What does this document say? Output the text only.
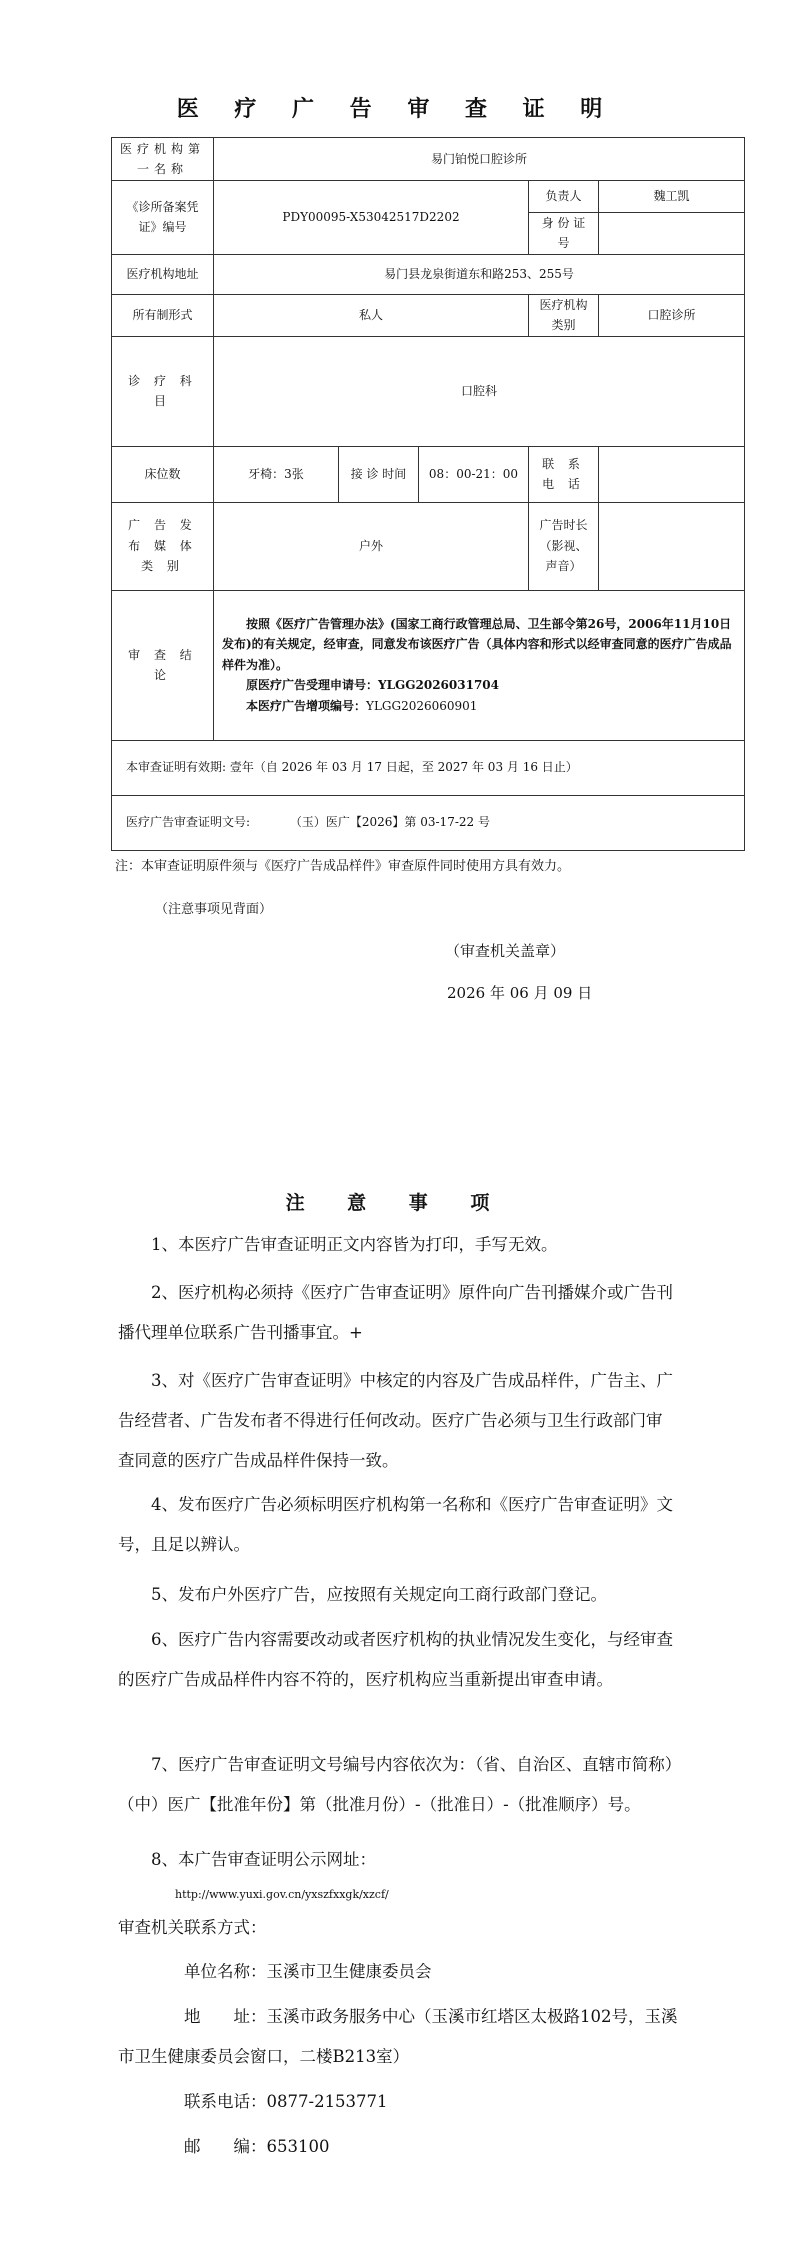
医 疗 广 告 审 查 证 明
医疗机构第一名称	易门铂悦口腔诊所				
《诊所备案凭证》编号	PDY00095-X53042517D2202			负责人	魏工凯
				身 份 证 号	
医疗机构地址	易门县龙泉街道东和路253、255号				
所有制形式	私人			医疗机构类别	口腔诊所
诊 疗 科 目	口腔科				
床位数	牙椅：3张	接 诊 时间	08：00-21：00	联 系 电 话	
广 告 发 布 媒 体 类 别	户外			广告时长（影视、声音）	
审 查 结 论	按照《医疗广告管理办法》(国家工商行政管理总局、卫生部令第26号，2006年11月10日发布)的有关规定，经审查，同意发布该医疗广告（具体内容和形式以经审查同意的医疗广告成品样件为准）。
原医疗广告受理申请号：YLGG2026031704
本医疗广告增项编号：YLGG2026060901				

本审查证明有效期: 壹年（自 2026 年 03 月 17 日起，至 2027 年 03 月 16 日止）					
医疗广告审查证明文号: （玉）医广【2026】第 03-17-22 号					
注：本审查证明原件须与《医疗广告成品样件》审查原件同时使用方具有效力。
（注意事项见背面）
（审查机关盖章）
2026 年 06 月 09 日
注 意 事 项
1、本医疗广告审查证明正文内容皆为打印，手写无效。
2、医疗机构必须持《医疗广告审查证明》原件向广告刊播媒介或广告刊播代理单位联系广告刊播事宜。+
3、对《医疗广告审查证明》中核定的内容及广告成品样件，广告主、广告经营者、广告发布者不得进行任何改动。医疗广告必须与卫生行政部门审查同意的医疗广告成品样件保持一致。
4、发布医疗广告必须标明医疗机构第一名称和《医疗广告审查证明》文号，且足以辨认。
5、发布户外医疗广告，应按照有关规定向工商行政部门登记。
6、医疗广告内容需要改动或者医疗机构的执业情况发生变化，与经审查的医疗广告成品样件内容不符的，医疗机构应当重新提出审查申请。
7、医疗广告审查证明文号编号内容依次为：（省、自治区、直辖市简称）（中）医广【批准年份】第（批准月份）-（批准日）-（批准顺序）号。
8、本广告审查证明公示网址：
http://www.yuxi.gov.cn/yxszfxxgk/xzcf/
审查机关联系方式：
单位名称：玉溪市卫生健康委员会
地　　址：玉溪市政务服务中心（玉溪市红塔区太极路102号，玉溪市卫生健康委员会窗口，二楼B213室）
联系电话：0877-2153771
邮　　编：653100
